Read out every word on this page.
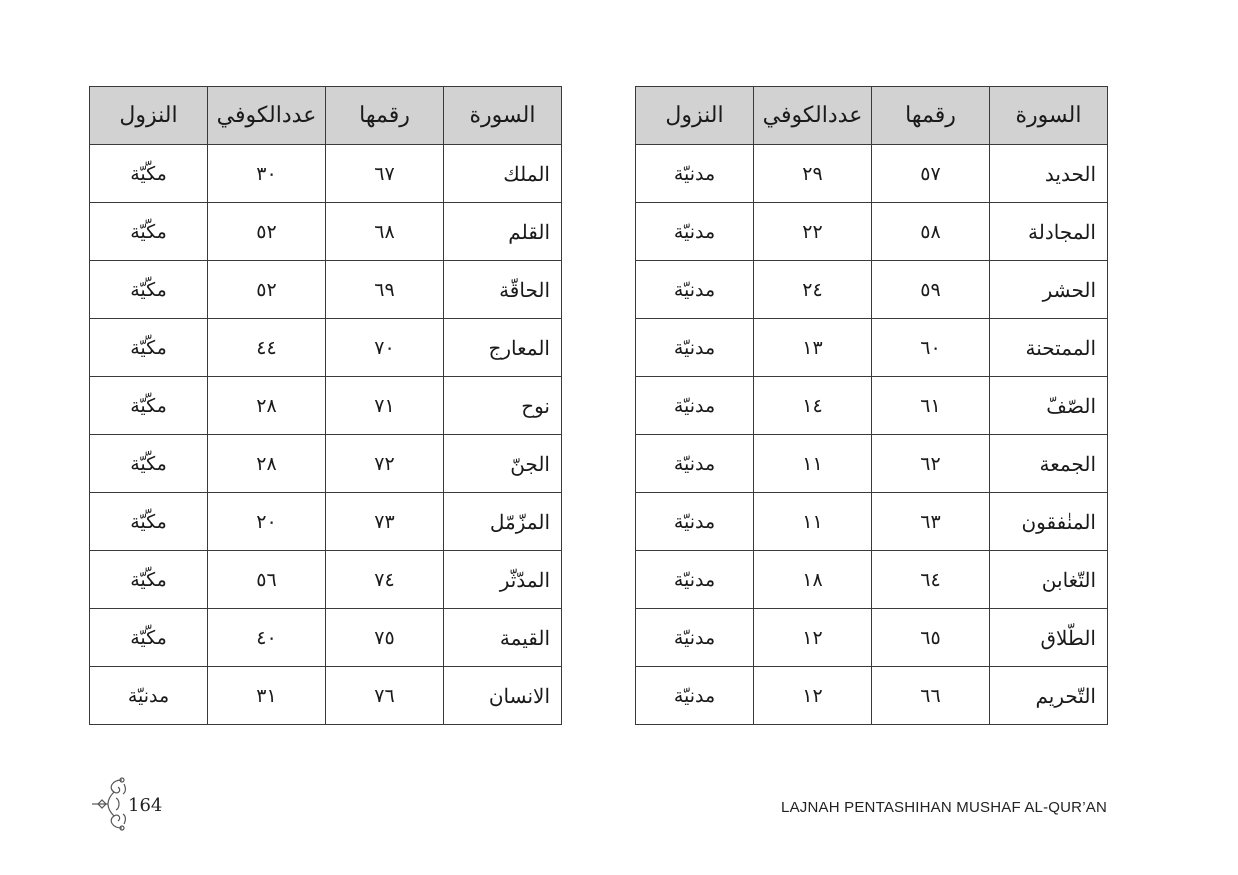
السورة	رقمها	عددالكوفي	النزول
الملك	٦٧	٣٠	مكّيّة
القلم	٦٨	٥٢	مكّيّة
الحاقّة	٦٩	٥٢	مكّيّة
المعارج	٧٠	٤٤	مكّيّة
نوح	٧١	٢٨	مكّيّة
الجنّ	٧٢	٢٨	مكّيّة
المزّمّل	٧٣	٢٠	مكّيّة
المدّثّر	٧٤	٥٦	مكّيّة
القيمة	٧٥	٤٠	مكّيّة
الانسان	٧٦	٣١	مدنيّة
السورة	رقمها	عددالكوفي	النزول
الحديد	٥٧	٢٩	مدنيّة
المجادلة	٥٨	٢٢	مدنيّة
الحشر	٥٩	٢٤	مدنيّة
الممتحنة	٦٠	١٣	مدنيّة
الصّفّ	٦١	١٤	مدنيّة
الجمعة	٦٢	١١	مدنيّة
المنٰفقون	٦٣	١١	مدنيّة
التّغابن	٦٤	١٨	مدنيّة
الطّلاق	٦٥	١٢	مدنيّة
التّحريم	٦٦	١٢	مدنيّة
164	LAJNAH PENTASHIHAN MUSHAF AL-QUR’AN
